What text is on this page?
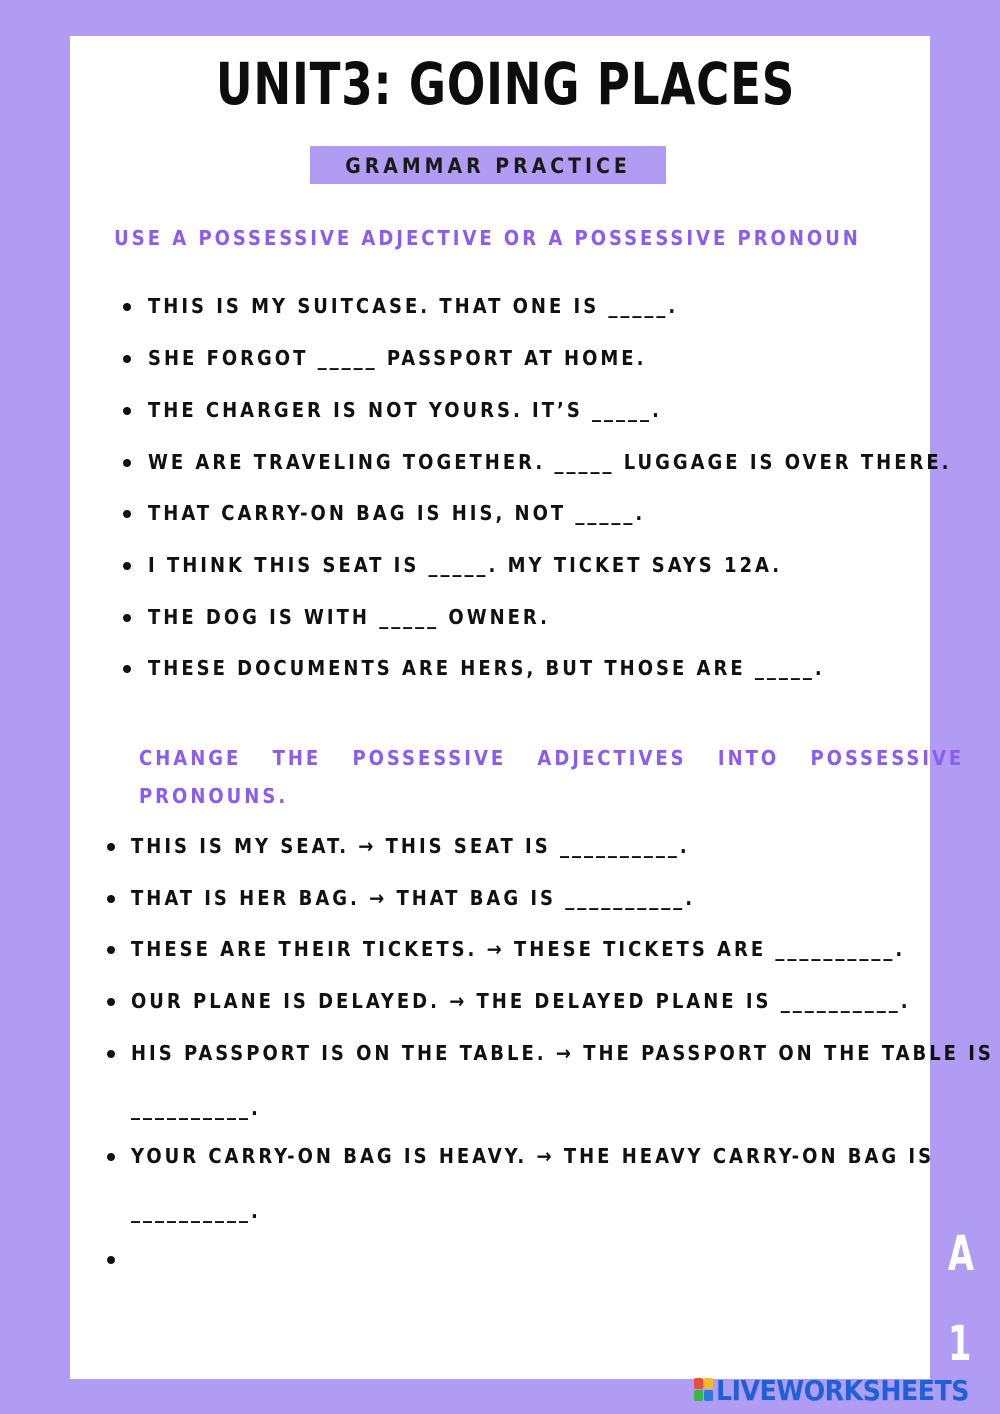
UNIT3: GOING PLACES
GRAMMAR PRACTICE
USE A POSSESSIVE ADJECTIVE OR A POSSESSIVE PRONOUN
THIS IS MY SUITCASE. THAT ONE IS _____.
SHE FORGOT _____ PASSPORT AT HOME.
THE CHARGER IS NOT YOURS. IT’S _____.
WE ARE TRAVELING TOGETHER. _____ LUGGAGE IS OVER THERE.
THAT CARRY-ON BAG IS HIS, NOT _____.
I THINK THIS SEAT IS _____. MY TICKET SAYS 12A.
THE DOG IS WITH _____ OWNER.
THESE DOCUMENTS ARE HERS, BUT THOSE ARE _____.
CHANGE THE POSSESSIVE ADJECTIVES INTO POSSESSIVE
PRONOUNS.
THIS IS MY SEAT. → THIS SEAT IS __________.
THAT IS HER BAG. → THAT BAG IS __________.
THESE ARE THEIR TICKETS. → THESE TICKETS ARE __________.
OUR PLANE IS DELAYED. → THE DELAYED PLANE IS __________.
HIS PASSPORT IS ON THE TABLE. → THE PASSPORT ON THE TABLE IS
__________.
YOUR CARRY-ON BAG IS HEAVY. → THE HEAVY CARRY-ON BAG IS
__________.
A
1
LIVEWORKSHEETS
